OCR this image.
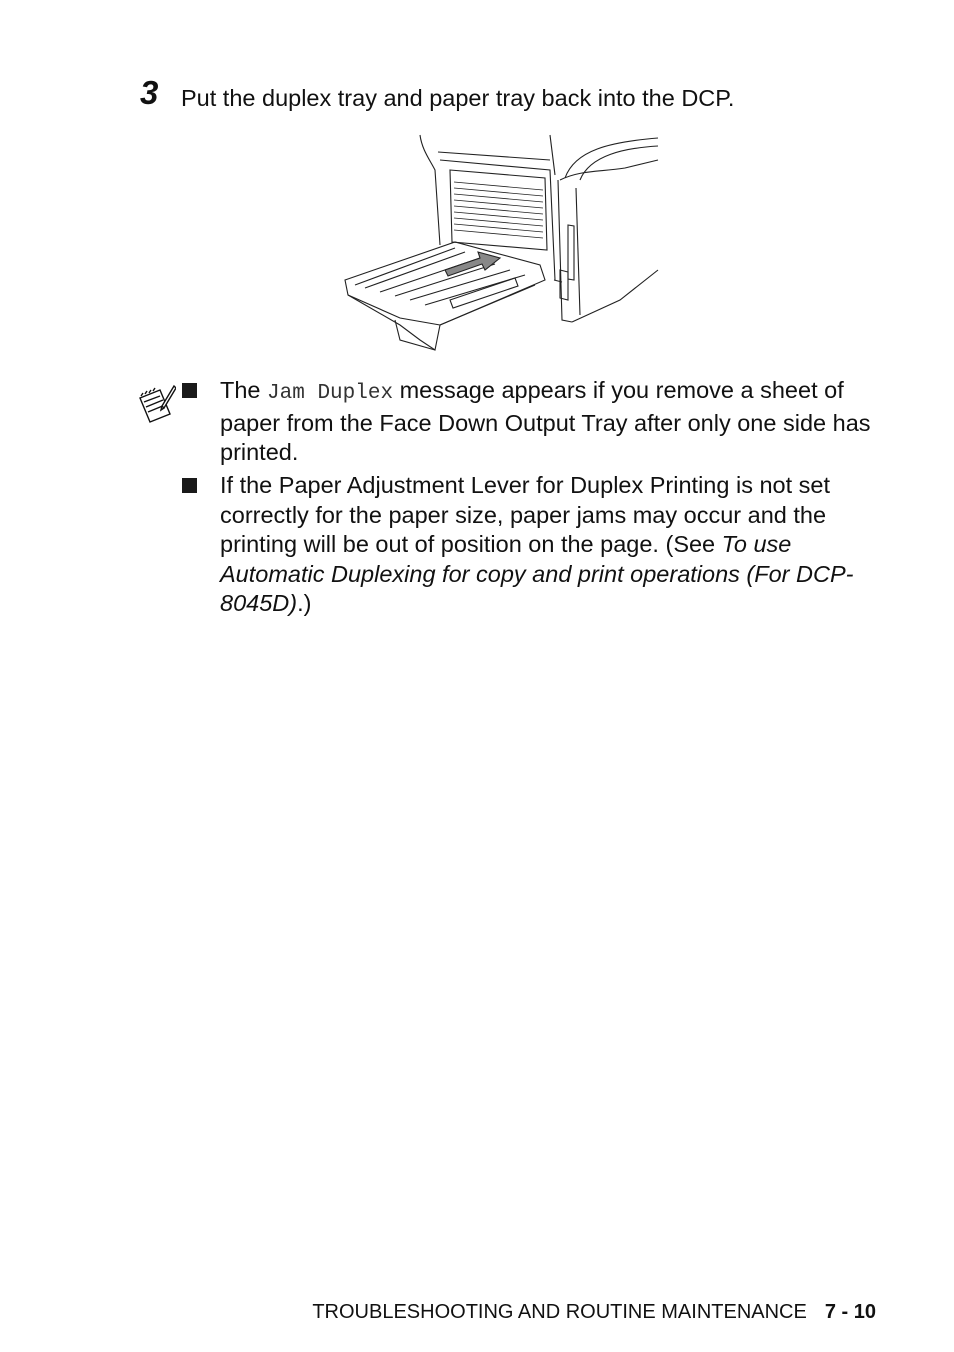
3 Put the duplex tray and paper tray back into the DCP.
The Jam Duplex message appears if you remove a sheet of paper from the Face Down Output Tray after only one side has printed.
If the Paper Adjustment Lever for Duplex Printing is not set correctly for the paper size, paper jams may occur and the printing will be out of position on the page. (See To use Automatic Duplexing for copy and print operations (For DCP-8045D).)
TROUBLESHOOTING AND ROUTINE MAINTENANCE 7 - 10
